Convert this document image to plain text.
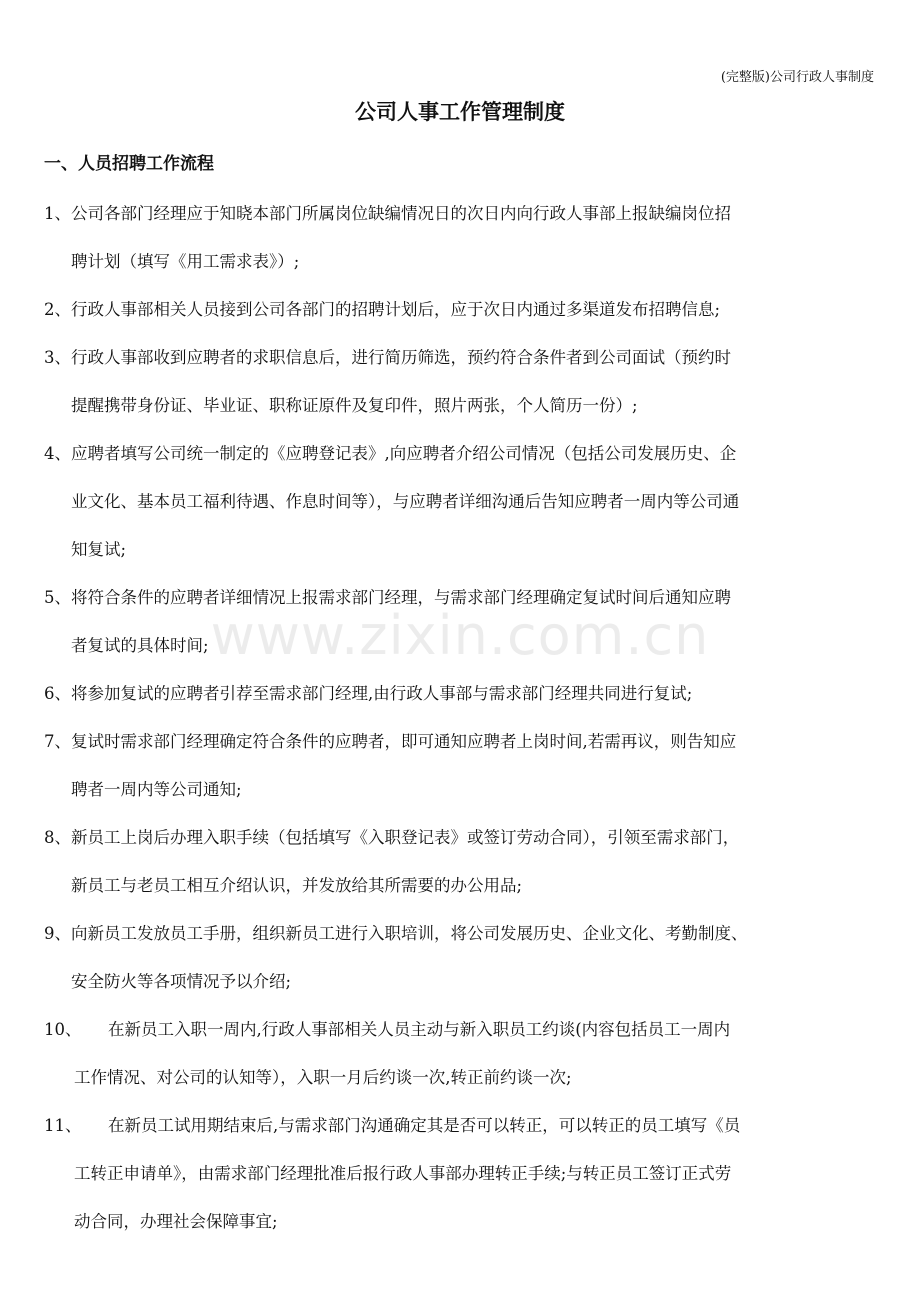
(完整版)公司行政人事制度
公司人事工作管理制度
一、人员招聘工作流程
1、 公司各部门经理应于知晓本部门所属岗位缺编情况日的次日内向行政人事部上报缺编岗位招
聘计划（填写《用工需求表》）;
2、 行政人事部相关人员接到公司各部门的招聘计划后，应于次日内通过多渠道发布招聘信息;
3、 行政人事部收到应聘者的求职信息后，进行简历筛选，预约符合条件者到公司面试（预约时
提醒携带身份证、毕业证、职称证原件及复印件，照片两张，个人简历一份）;
4、 应聘者填写公司统一制定的《应聘登记表》,向应聘者介绍公司情况（包括公司发展历史、企
业文化、基本员工福利待遇、作息时间等），与应聘者详细沟通后告知应聘者一周内等公司通
知复试;
5、 将符合条件的应聘者详细情况上报需求部门经理，与需求部门经理确定复试时间后通知应聘
者复试的具体时间;
6、 将参加复试的应聘者引荐至需求部门经理,由行政人事部与需求部门经理共同进行复试;
7、 复试时需求部门经理确定符合条件的应聘者，即可通知应聘者上岗时间,若需再议，则告知应
聘者一周内等公司通知;
8、 新员工上岗后办理入职手续（包括填写《入职登记表》或签订劳动合同），引领至需求部门，
新员工与老员工相互介绍认识，并发放给其所需要的办公用品;
9、 向新员工发放员工手册，组织新员工进行入职培训，将公司发展历史、企业文化、考勤制度、
安全防火等各项情况予以介绍;
10、	在新员工入职一周内,行政人事部相关人员主动与新入职员工约谈(内容包括员工一周内
工作情况、对公司的认知等），入职一月后约谈一次,转正前约谈一次;
11、	在新员工试用期结束后,与需求部门沟通确定其是否可以转正，可以转正的员工填写《员
工转正申请单》，由需求部门经理批准后报行政人事部办理转正手续;与转正员工签订正式劳
动合同，办理社会保障事宜;
www.zixin.com.cn
